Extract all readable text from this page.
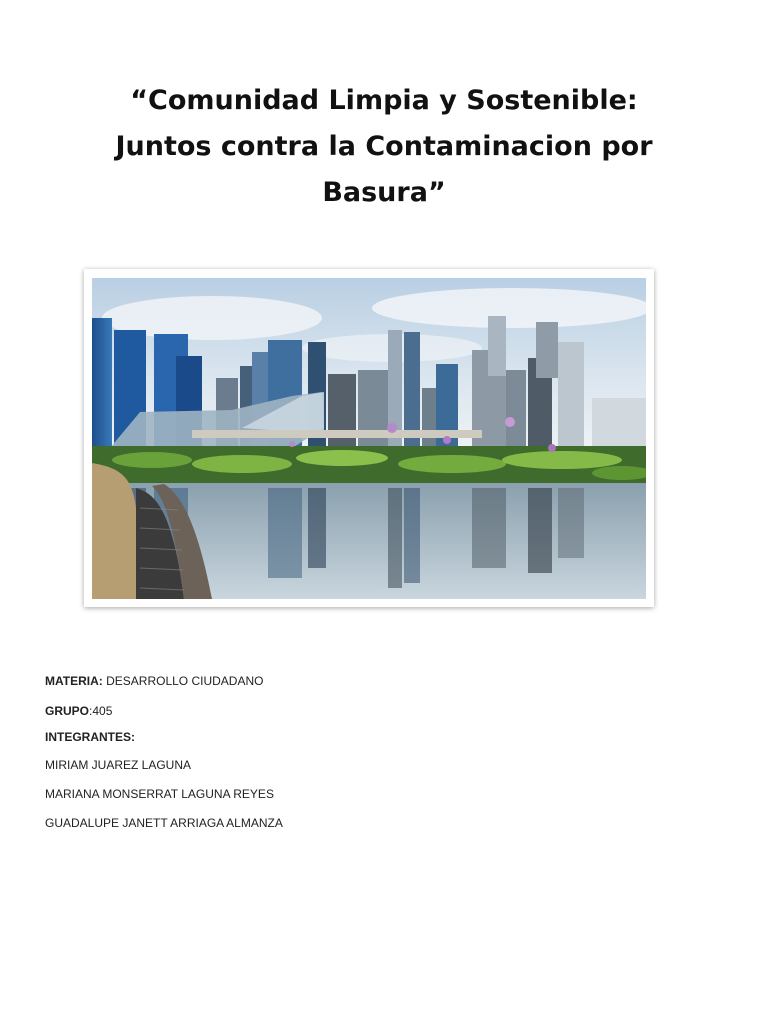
“Comunidad Limpia y Sostenible:
Juntos contra la Contaminacion por
Basura”
MATERIA: DESARROLLO CIUDADANO
GRUPO:405
INTEGRANTES:
MIRIAM JUAREZ LAGUNA
MARIANA MONSERRAT LAGUNA REYES
GUADALUPE JANETT ARRIAGA ALMANZA
